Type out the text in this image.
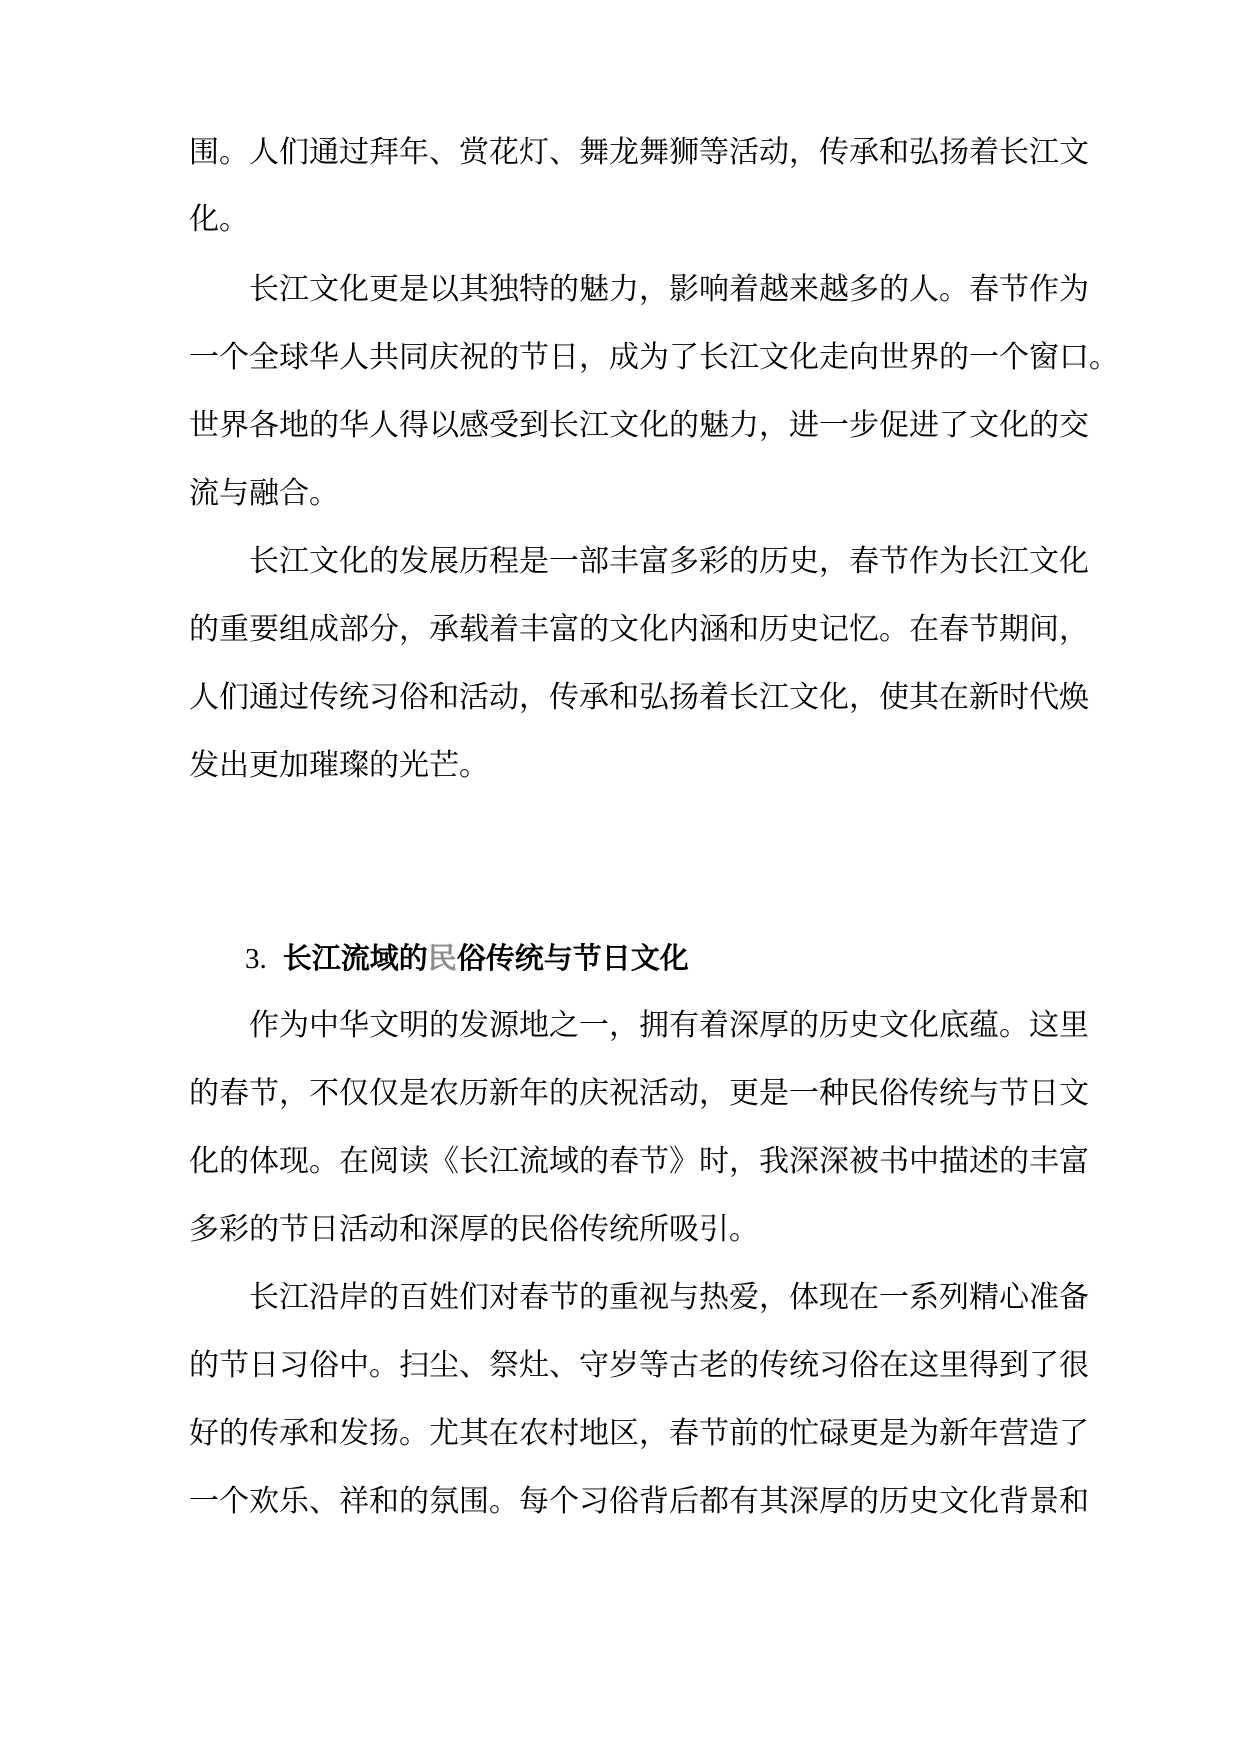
围。人们通过拜年、赏花灯、舞龙舞狮等活动，传承和弘扬着长江文
化。
长江文化更是以其独特的魅力，影响着越来越多的人。春节作为
一个全球华人共同庆祝的节日，成为了长江文化走向世界的一个窗口。
世界各地的华人得以感受到长江文化的魅力，进一步促进了文化的交
流与融合。
长江文化的发展历程是一部丰富多彩的历史，春节作为长江文化
的重要组成部分，承载着丰富的文化内涵和历史记忆。在春节期间，
人们通过传统习俗和活动，传承和弘扬着长江文化，使其在新时代焕
发出更加璀璨的光芒。
3. 长江流域的民俗传统与节日文化
作为中华文明的发源地之一，拥有着深厚的历史文化底蕴。这里
的春节，不仅仅是农历新年的庆祝活动，更是一种民俗传统与节日文
化的体现。在阅读《长江流域的春节》时，我深深被书中描述的丰富
多彩的节日活动和深厚的民俗传统所吸引。
长江沿岸的百姓们对春节的重视与热爱，体现在一系列精心准备
的节日习俗中。扫尘、祭灶、守岁等古老的传统习俗在这里得到了很
好的传承和发扬。尤其在农村地区，春节前的忙碌更是为新年营造了
一个欢乐、祥和的氛围。每个习俗背后都有其深厚的历史文化背景和
